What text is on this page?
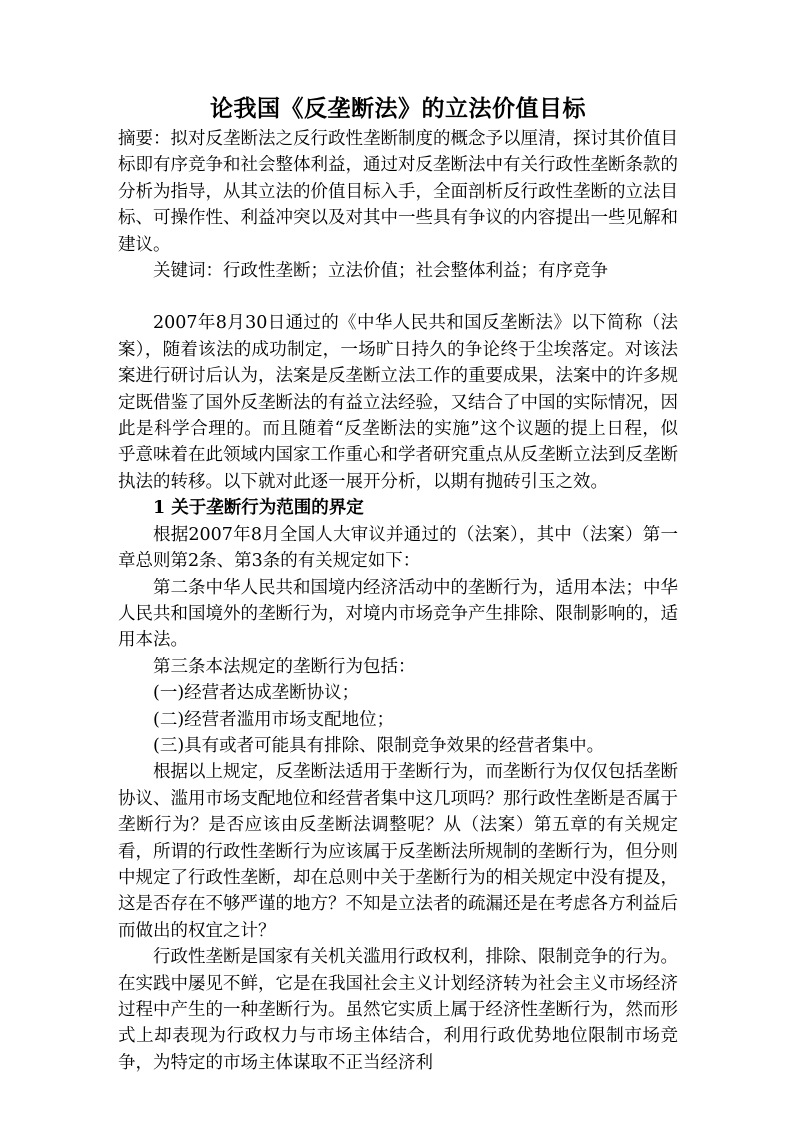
论我国《反垄断法》的立法价值目标

摘要：拟对反垄断法之反行政性垄断制度的概念予以厘清，探讨其价值目标即有序竞争和社会整体利益，通过对反垄断法中有关行政性垄断条款的分析为指导，从其立法的价值目标入手，全面剖析反行政性垄断的立法目标、可操作性、利益冲突以及对其中一些具有争议的内容提出一些见解和建议。

关键词：行政性垄断；立法价值；社会整体利益；有序竞争

2007年8月30日通过的《中华人民共和国反垄断法》以下简称（法案），随着该法的成功制定，一场旷日持久的争论终于尘埃落定。对该法案进行研讨后认为，法案是反垄断立法工作的重要成果，法案中的许多规定既借鉴了国外反垄断法的有益立法经验，又结合了中国的实际情况，因此是科学合理的。而且随着“反垄断法的实施”这个议题的提上日程，似乎意味着在此领域内国家工作重心和学者研究重点从反垄断立法到反垄断执法的转移。以下就对此逐一展开分析，以期有抛砖引玉之效。

1 关于垄断行为范围的界定

根据2007年8月全国人大审议并通过的（法案），其中（法案）第一章总则第2条、第3条的有关规定如下：

第二条中华人民共和国境内经济活动中的垄断行为，适用本法；中华人民共和国境外的垄断行为，对境内市场竞争产生排除、限制影响的，适用本法。

第三条本法规定的垄断行为包括：

(一)经营者达成垄断协议；

(二)经营者滥用市场支配地位；

(三)具有或者可能具有排除、限制竞争效果的经营者集中。

根据以上规定，反垄断法适用于垄断行为，而垄断行为仅仅包括垄断协议、滥用市场支配地位和经营者集中这几项吗？那行政性垄断是否属于垄断行为？是否应该由反垄断法调整呢？从（法案）第五章的有关规定看，所谓的行政性垄断行为应该属于反垄断法所规制的垄断行为，但分则中规定了行政性垄断，却在总则中关于垄断行为的相关规定中没有提及，这是否存在不够严谨的地方？不知是立法者的疏漏还是在考虑各方利益后而做出的权宜之计？

行政性垄断是国家有关机关滥用行政权利，排除、限制竞争的行为。在实践中屡见不鲜，它是在我国社会主义计划经济转为社会主义市场经济过程中产生的一种垄断行为。虽然它实质上属于经济性垄断行为，然而形式上却表现为行政权力与市场主体结合，利用行政优势地位限制市场竞争，为特定的市场主体谋取不正当经济利
